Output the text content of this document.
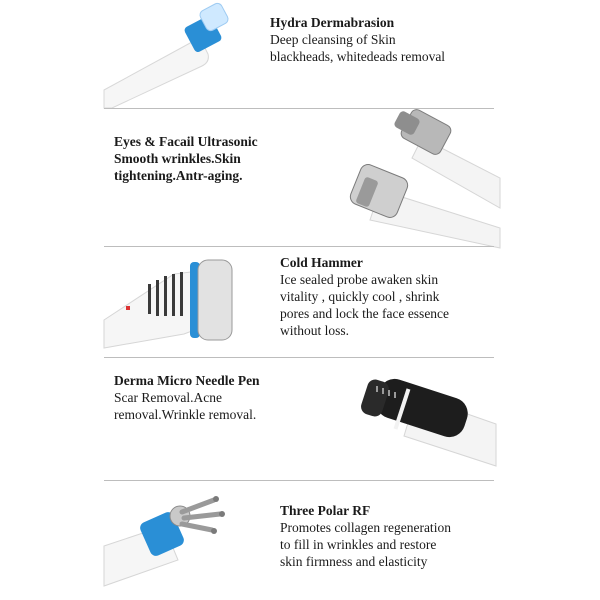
Hydra Dermabrasion
Deep cleansing of Skin
blackheads, whitedeads removal
Eyes & Facail Ultrasonic
Smooth wrinkles.Skin
tightening.Antr-aging.
Cold Hammer
Ice sealed probe awaken skin
vitality , quickly cool , shrink
pores and lock the face essence
without loss.
Derma Micro Needle Pen
Scar Removal.Acne
removal.Wrinkle removal.
Three Polar RF
Promotes collagen regeneration
to fill in wrinkles and restore
skin firmness and elasticity
